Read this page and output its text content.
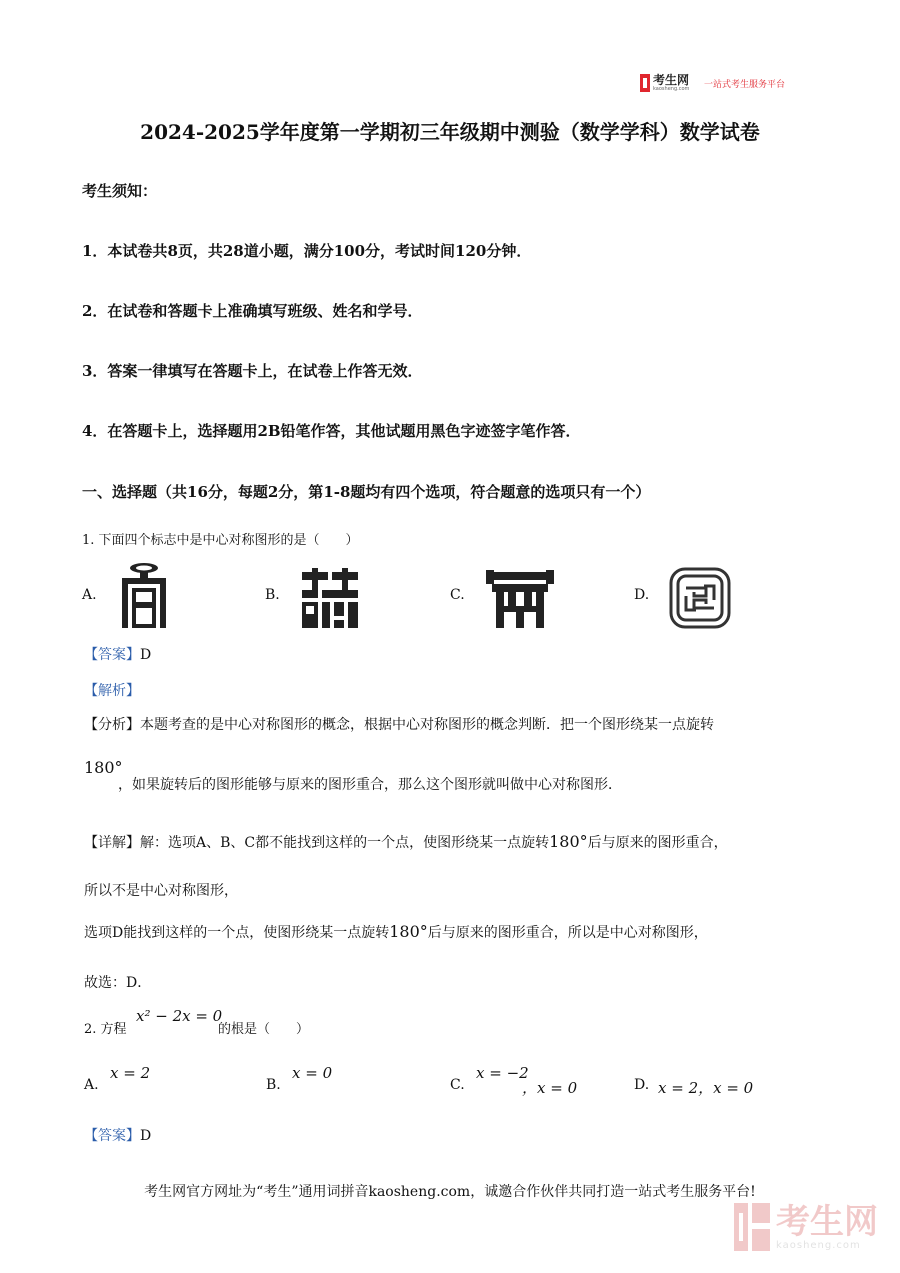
考生网
kaosheng.com 一站式考生服务平台
2024-2025学年度第一学期初三年级期中测验（数学学科）数学试卷
考生须知：
1．本试卷共8页，共28道小题，满分100分，考试时间120分钟．
2．在试卷和答题卡上准确填写班级、姓名和学号．
3．答案一律填写在答题卡上，在试卷上作答无效．
4．在答题卡上，选择题用2B铅笔作答，其他试题用黑色字迹签字笔作答．
一、选择题（共16分，每题2分，第1-8题均有四个选项，符合题意的选项只有一个）
1. 下面四个标志中是中心对称图形的是（　　）
A.	B.	C.	D.
【答案】D
【解析】
【分析】本题考查的是中心对称图形的概念，根据中心对称图形的概念判断．把一个图形绕某一点旋转
180°
，如果旋转后的图形能够与原来的图形重合，那么这个图形就叫做中心对称图形．
【详解】解：选项A、B、C都不能找到这样的一个点，使图形绕某一点旋转180°后与原来的图形重合，
所以不是中心对称图形，
选项D能找到这样的一个点，使图形绕某一点旋转180°后与原来的图形重合，所以是中心对称图形，
故选：D．
2. 方程
x² − 2x = 0
的根是（　　）
A.
x = 2
B.
x = 0
C.
x = −2
，x = 0	D. x = 2，x = 0
【答案】D
考生网官方网址为“考生”通用词拼音kaosheng.com，诚邀合作伙伴共同打造一站式考生服务平台!
考生网
kaosheng.com
